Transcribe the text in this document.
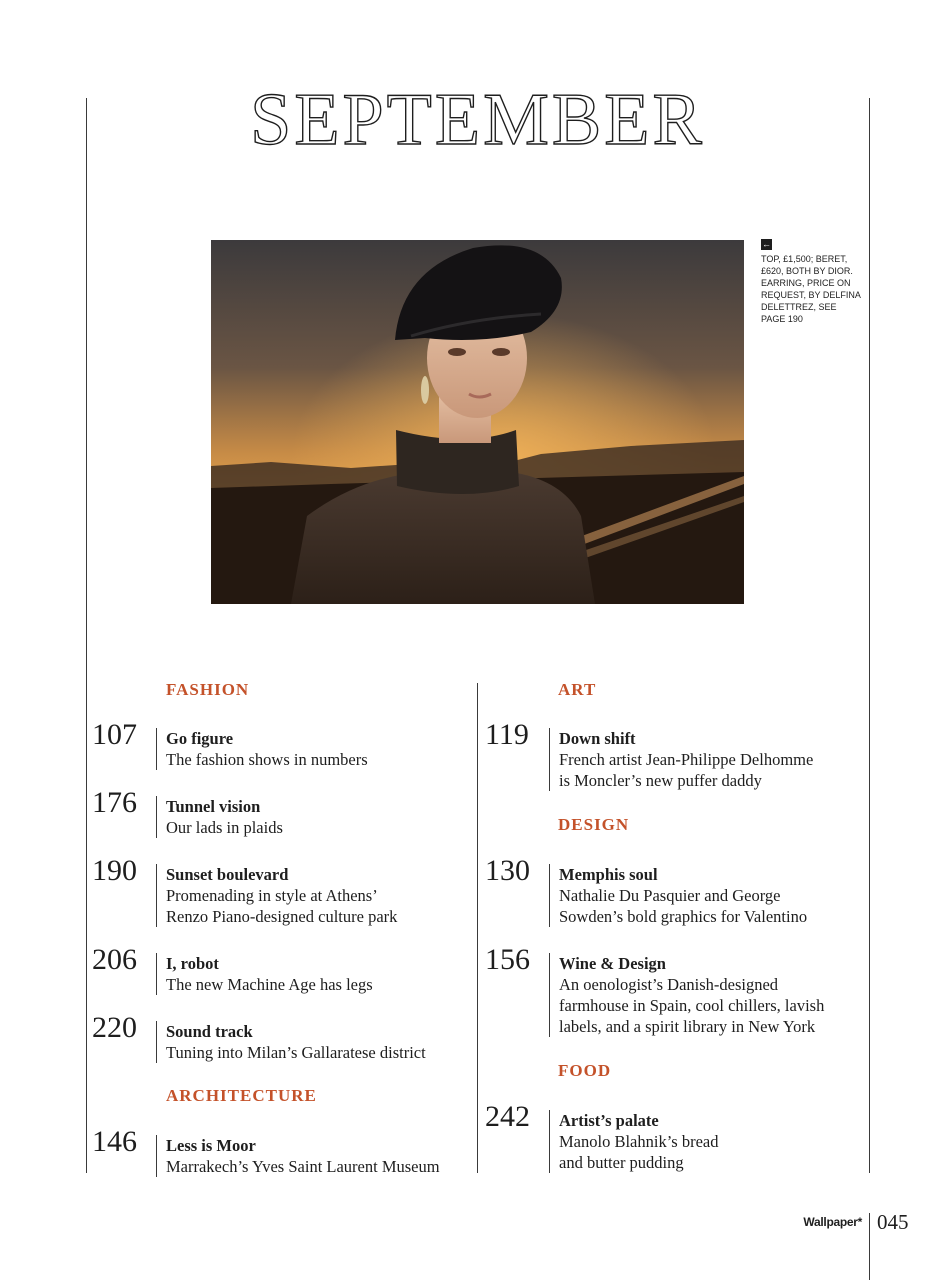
SEPTEMBER
←
TOP, £1,500; BERET, £620, BOTH BY DIOR. EARRING, PRICE ON REQUEST, BY DELFINA DELETTREZ, SEE PAGE 190
FASHION
107 Go figure
The fashion shows in numbers
176 Tunnel vision
Our lads in plaids
190 Sunset boulevard
Promenading in style at Athens’
Renzo Piano-designed culture park
206 I, robot
The new Machine Age has legs
220 Sound track
Tuning into Milan’s Gallaratese district
ARCHITECTURE
146 Less is Moor
Marrakech’s Yves Saint Laurent Museum
ART
119 Down shift
French artist Jean-Philippe Delhomme
is Moncler’s new puffer daddy
DESIGN
130 Memphis soul
Nathalie Du Pasquier and George
Sowden’s bold graphics for Valentino
156 Wine & Design
An oenologist’s Danish-designed
farmhouse in Spain, cool chillers, lavish
labels, and a spirit library in New York
FOOD
242 Artist’s palate
Manolo Blahnik’s bread
and butter pudding
Wallpaper* 045
